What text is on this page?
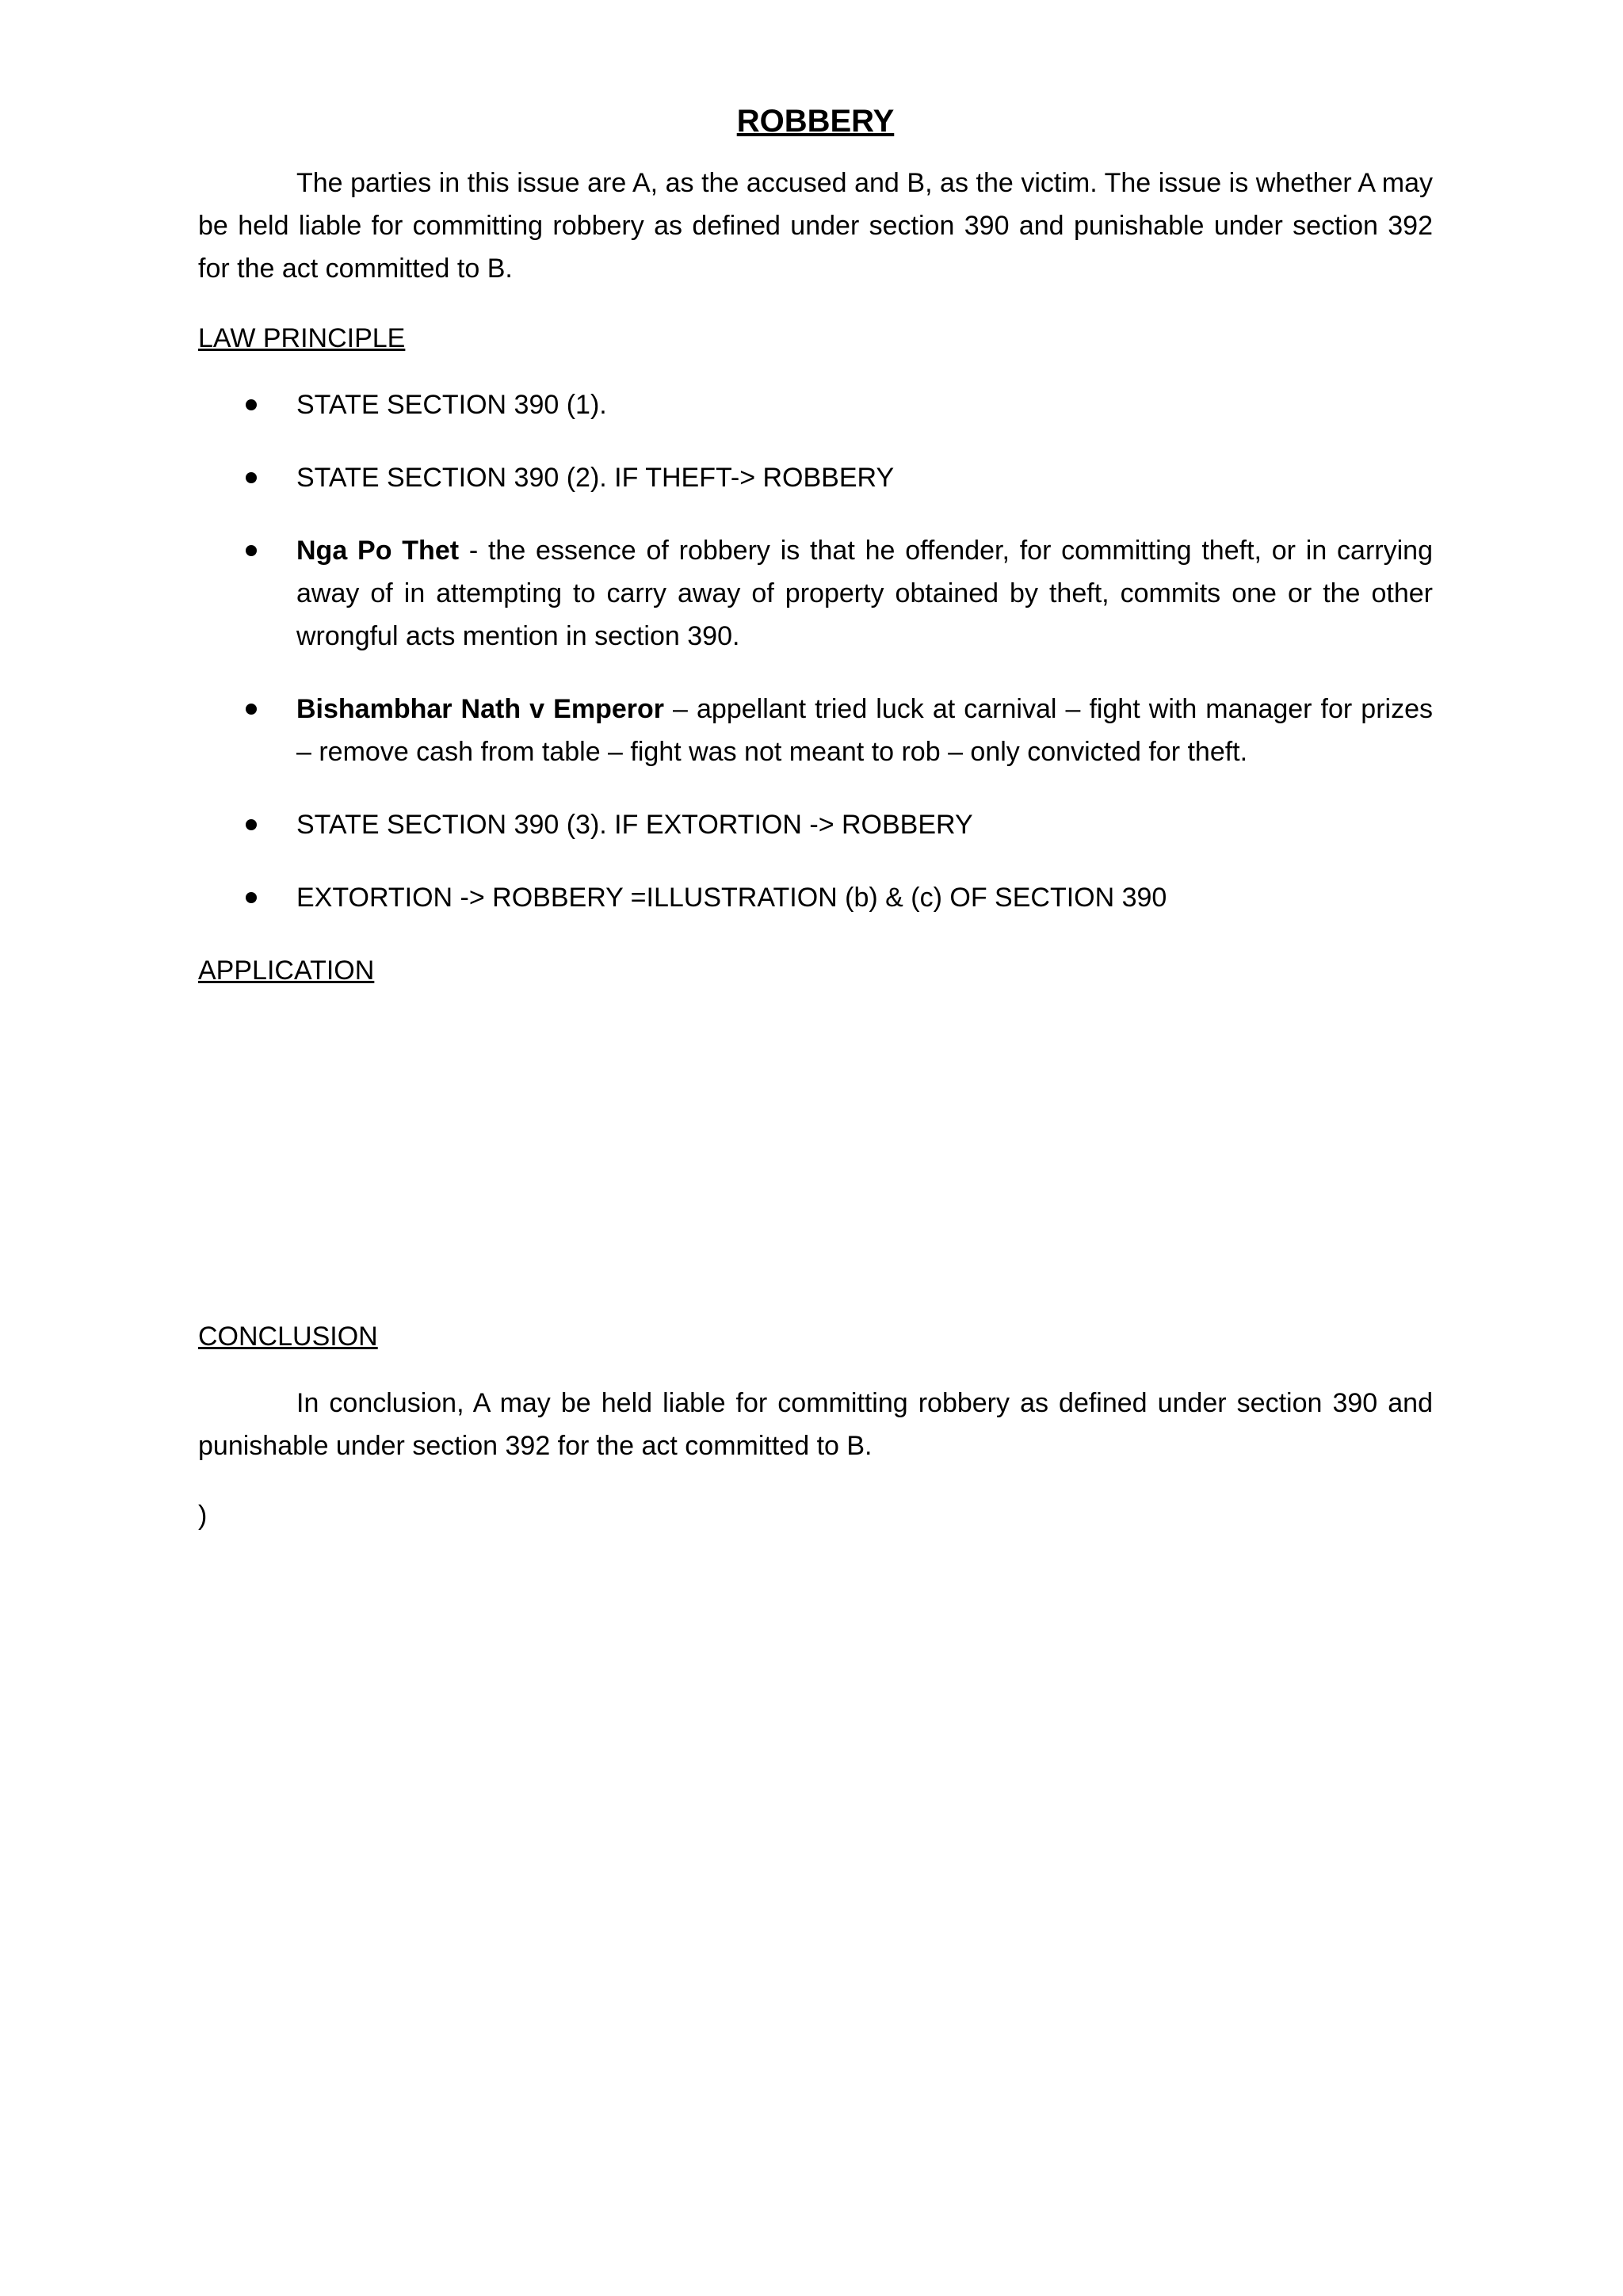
ROBBERY

The parties in this issue are A, as the accused and B, as the victim. The issue is whether A may be held liable for committing robbery as defined under section 390 and punishable under section 392 for the act committed to B.

LAW PRINCIPLE
STATE SECTION 390 (1).
STATE SECTION 390 (2). IF THEFT-> ROBBERY
Nga Po Thet - the essence of robbery is that he offender, for committing theft, or in carrying away of in attempting to carry away of property obtained by theft, commits one or the other wrongful acts mention in section 390.
Bishambhar Nath v Emperor – appellant tried luck at carnival – fight with manager for prizes – remove cash from table – fight was not meant to rob – only convicted for theft.
STATE SECTION 390 (3). IF EXTORTION -> ROBBERY
EXTORTION -> ROBBERY =ILLUSTRATION (b) & (c) OF SECTION 390
APPLICATION
CONCLUSION

In conclusion, A may be held liable for committing robbery as defined under section 390 and punishable under section 392 for the act committed to B.

)
